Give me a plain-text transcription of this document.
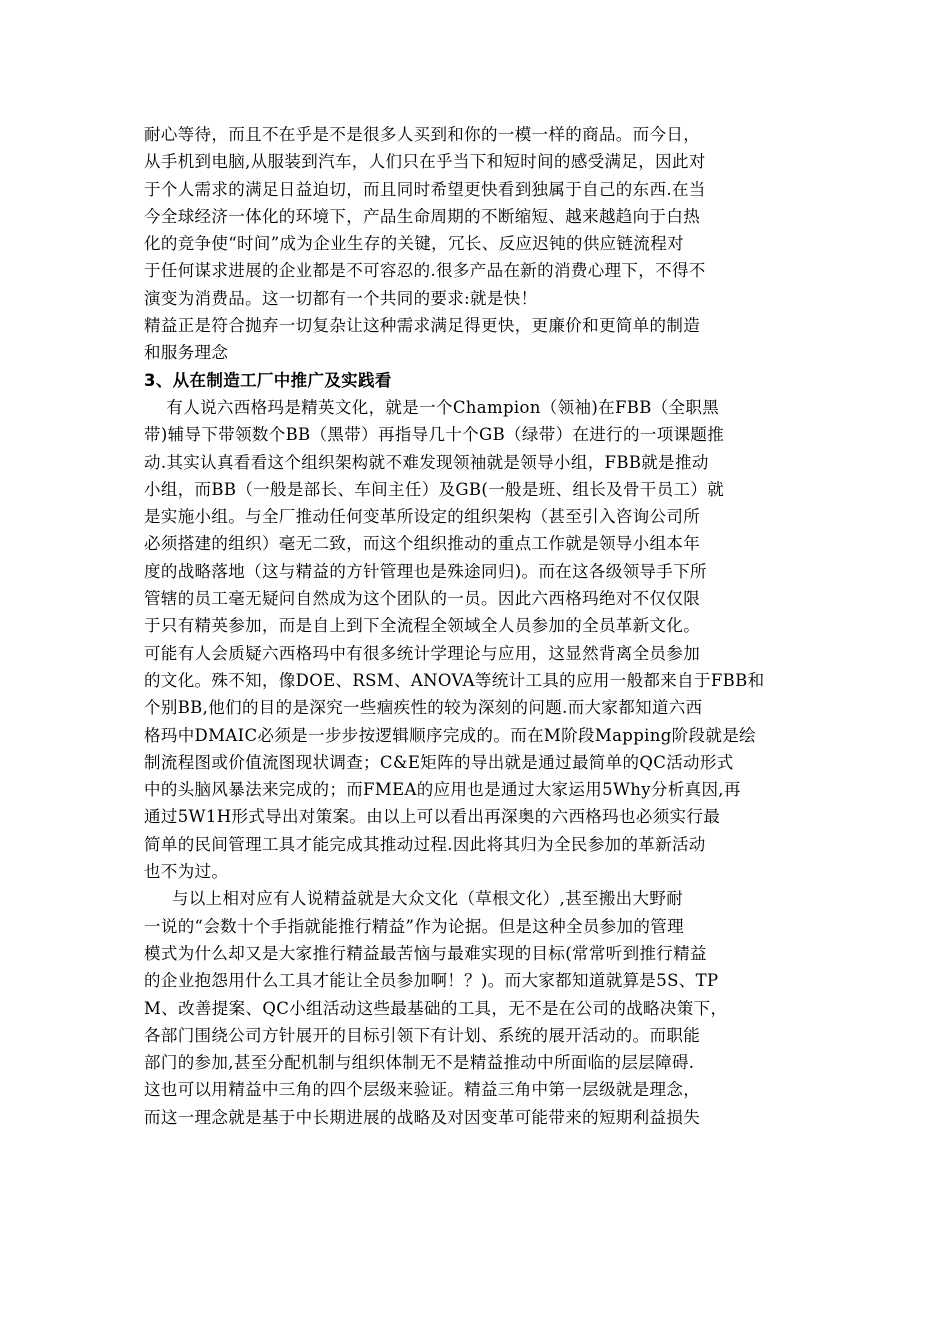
耐心等待，而且不在乎是不是很多人买到和你的一模一样的商品。而今日，
从手机到电脑,从服装到汽车，人们只在乎当下和短时间的感受满足，因此对
于个人需求的满足日益迫切，而且同时希望更快看到独属于自己的东西.在当
今全球经济一体化的环境下，产品生命周期的不断缩短、越来越趋向于白热
化的竞争使“时间”成为企业生存的关键，冗长、反应迟钝的供应链流程对
于任何谋求进展的企业都是不可容忍的.很多产品在新的消费心理下，不得不
演变为消费品。这一切都有一个共同的要求:就是快！
精益正是符合抛弃一切复杂让这种需求满足得更快，更廉价和更简单的制造
和服务理念
3、从在制造工厂中推广及实践看
有人说六西格玛是精英文化，就是一个Champion（领袖)在FBB（全职黑
带)辅导下带领数个BB（黑带）再指导几十个GB（绿带）在进行的一项课题推
动.其实认真看看这个组织架构就不难发现领袖就是领导小组，FBB就是推动
小组，而BB（一般是部长、车间主任）及GB(一般是班、组长及骨干员工）就
是实施小组。与全厂推动任何变革所设定的组织架构（甚至引入咨询公司所
必须搭建的组织）毫无二致，而这个组织推动的重点工作就是领导小组本年
度的战略落地（这与精益的方针管理也是殊途同归)。而在这各级领导手下所
管辖的员工毫无疑问自然成为这个团队的一员。因此六西格玛绝对不仅仅限
于只有精英参加，而是自上到下全流程全领域全人员参加的全员革新文化。
可能有人会质疑六西格玛中有很多统计学理论与应用，这显然背离全员参加
的文化。殊不知，像DOE、RSM、ANOVA等统计工具的应用一般都来自于FBB和
个别BB,他们的目的是深究一些痼疾性的较为深刻的问题.而大家都知道六西
格玛中DMAIC必须是一步步按逻辑顺序完成的。而在M阶段Mapping阶段就是绘
制流程图或价值流图现状调查；C&E矩阵的导出就是通过最简单的QC活动形式
中的头脑风暴法来完成的；而FMEA的应用也是通过大家运用5Why分析真因,再
通过5W1H形式导出对策案。由以上可以看出再深奥的六西格玛也必须实行最
简单的民间管理工具才能完成其推动过程.因此将其归为全民参加的革新活动
也不为过。
与以上相对应有人说精益就是大众文化（草根文化）,甚至搬出大野耐
一说的“会数十个手指就能推行精益”作为论据。但是这种全员参加的管理
模式为什么却又是大家推行精益最苦恼与最难实现的目标(常常听到推行精益
的企业抱怨用什么工具才能让全员参加啊！？)。而大家都知道就算是5S、TP
M、改善提案、QC小组活动这些最基础的工具，无不是在公司的战略决策下，
各部门围绕公司方针展开的目标引领下有计划、系统的展开活动的。而职能
部门的参加,甚至分配机制与组织体制无不是精益推动中所面临的层层障碍.
这也可以用精益中三角的四个层级来验证。精益三角中第一层级就是理念，
而这一理念就是基于中长期进展的战略及对因变革可能带来的短期利益损失
